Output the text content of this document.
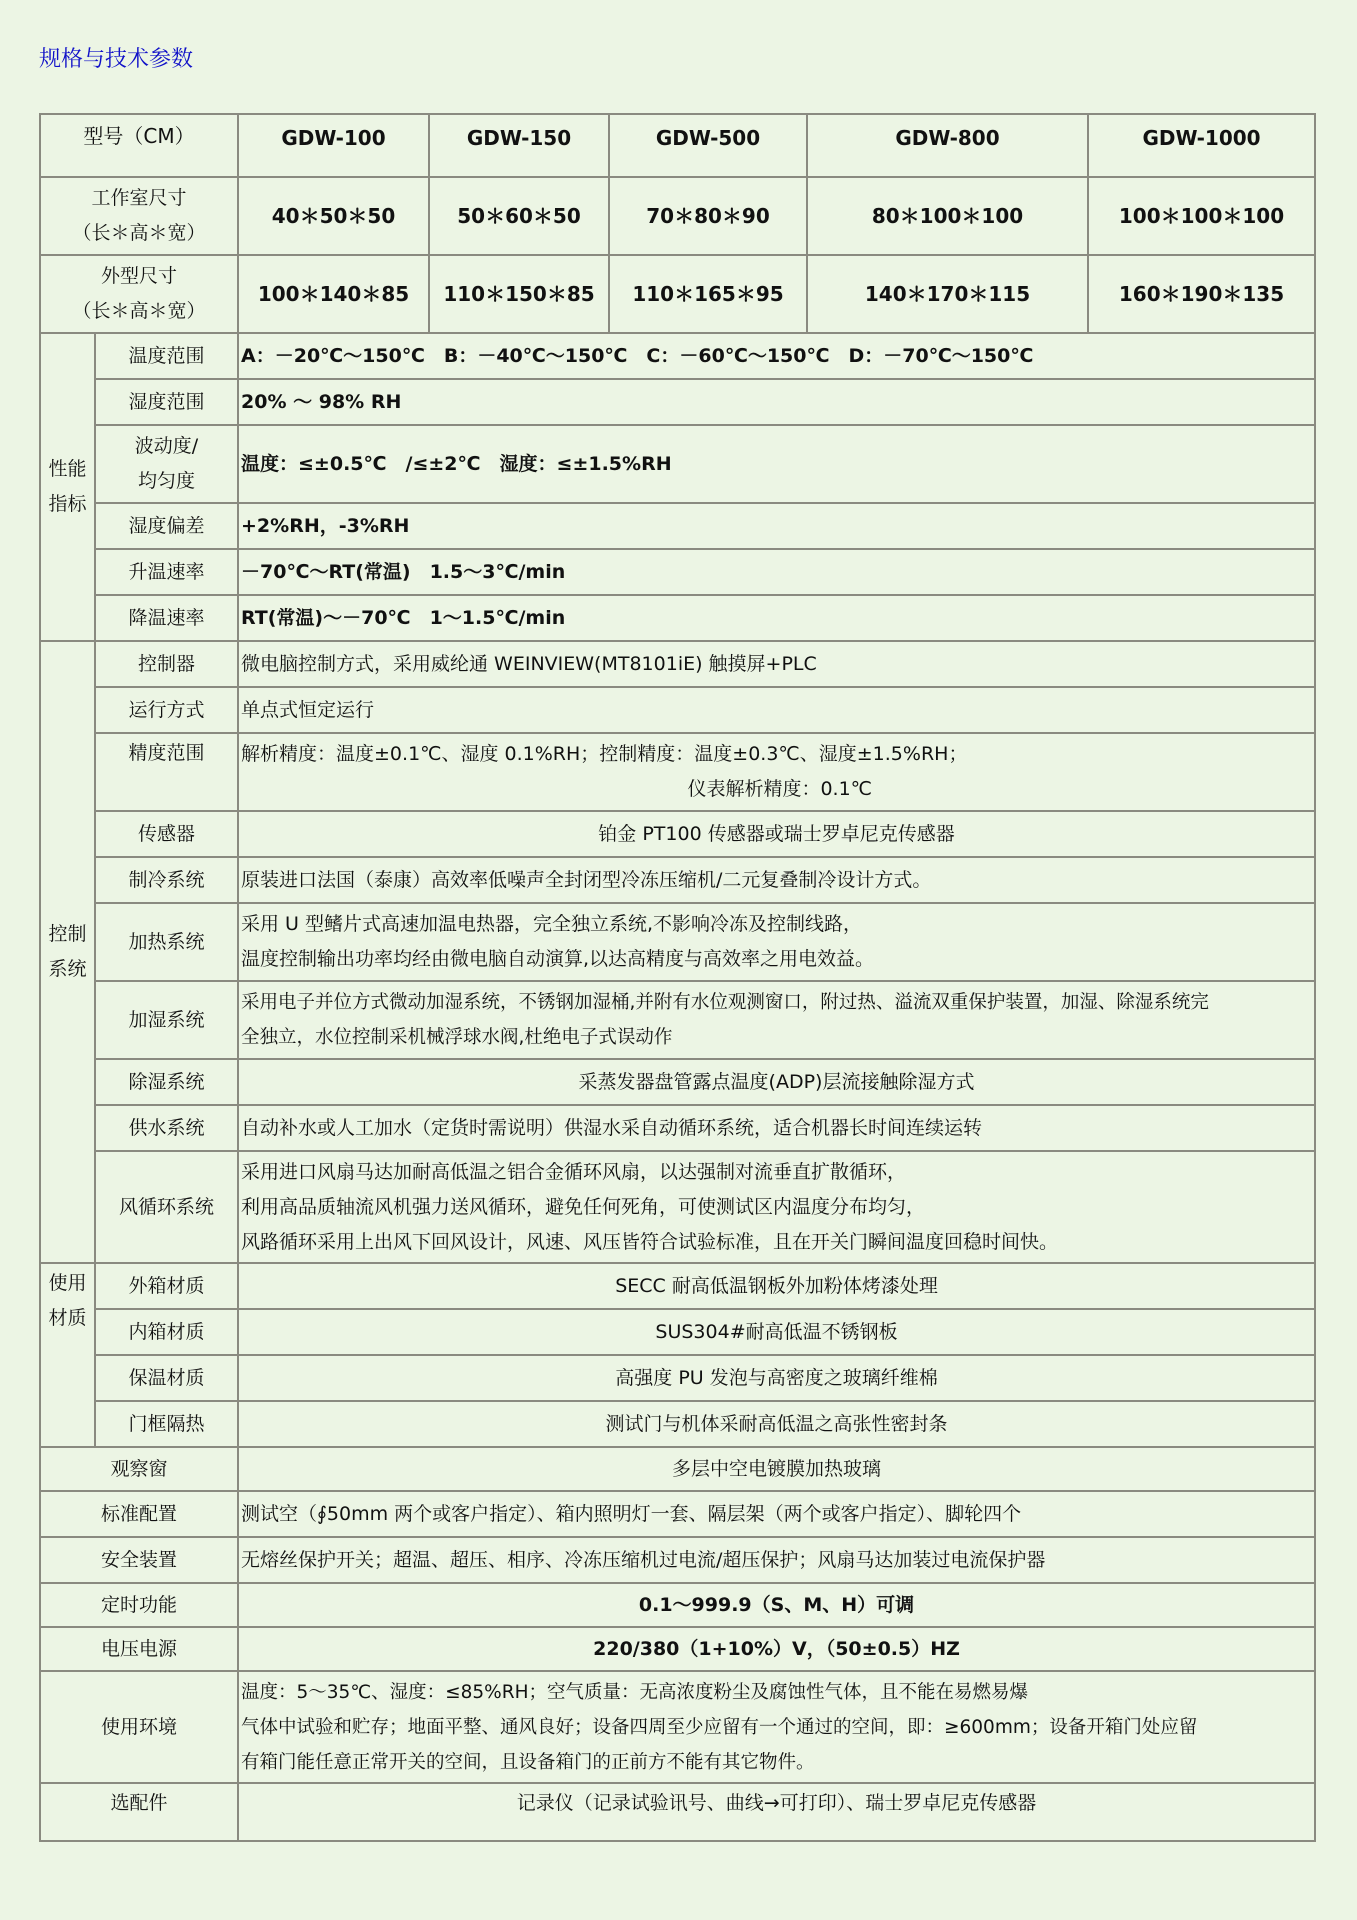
规格与技术参数
型号（CM）		GDW-100	GDW-150	GDW-500	GDW-800	GDW-1000

工作室尺寸
（长＊高＊宽）		40＊50＊50	50＊60＊50	70＊80＊90	80＊100＊100	100＊100＊100

外型尺寸
（长＊高＊宽）		100＊140＊85	110＊150＊85	110＊165＊95	140＊170＊115	160＊190＊135

性能
指标	温度范围	A：－20℃～150℃　B：－40℃～150℃　C：－60℃～150℃　D：－70℃～150℃				
	湿度范围	20% ～ 98% RH				

	波动度/
均匀度	温度：≤±0.5℃　/≤±2℃　湿度：≤±1.5%RH				
	湿度偏差	+2%RH，-3%RH				
	升温速率	－70℃～RT(常温)　1.5～3℃/min				
	降温速率	RT(常温)～－70℃　1～1.5℃/min				

控制
系统	控制器	微电脑控制方式，采用威纶通 WEINVIEW(MT8101iE) 触摸屏+PLC				
	运行方式	单点式恒定运行				
	精度范围	解析精度：温度±0.1℃、湿度 0.1%RH；控制精度：温度±0.3℃、湿度±1.5%RH；
仪表解析精度：0.1℃				

	传感器	铂金 PT100 传感器或瑞士罗卓尼克传感器				
	制冷系统	原装进口法国（泰康）高效率低噪声全封闭型冷冻压缩机/二元复叠制冷设计方式。				
	加热系统	采用 U 型鳍片式高速加温电热器，完全独立系统,不影响冷冻及控制线路，
温度控制输出功率均经由微电脑自动演算,以达高精度与高效率之用电效益。				

	加湿系统	采用电子并位方式微动加湿系统，不锈钢加湿桶,并附有水位观测窗口，附过热、溢流双重保护装置，加湿、除湿系统完
全独立，水位控制采机械浮球水阀,杜绝电子式误动作				

	除湿系统	采蒸发器盘管露点温度(ADP)层流接触除湿方式				
	供水系统	自动补水或人工加水（定货时需说明）供湿水采自动循环系统，适合机器长时间连续运转				
	风循环系统	采用进口风扇马达加耐高低温之铝合金循环风扇，以达强制对流垂直扩散循环，
利用高品质轴流风机强力送风循环，避免任何死角，可使测试区内温度分布均匀，
风路循环采用上出风下回风设计，风速、风压皆符合试验标准，且在开关门瞬间温度回稳时间快。				

使用
材质	外箱材质	SECC 耐高低温钢板外加粉体烤漆处理				
	内箱材质	SUS304#耐高低温不锈钢板				
	保温材质	高强度 PU 发泡与高密度之玻璃纤维棉				
	门框隔热	测试门与机体采耐高低温之高张性密封条				
观察窗		多层中空电镀膜加热玻璃				
标准配置		测试空（∮50mm 两个或客户指定）、箱内照明灯一套、隔层架（两个或客户指定）、脚轮四个				
安全装置		无熔丝保护开关；超温、超压、相序、冷冻压缩机过电流/超压保护；风扇马达加装过电流保护器				
定时功能		0.1～999.9（S、M、H）可调				
电压电源		220/380（1+10%）V，（50±0.5）HZ				
使用环境		温度：5～35℃、湿度：≤85%RH；空气质量：无高浓度粉尘及腐蚀性气体，且不能在易燃易爆
气体中试验和贮存；地面平整、通风良好；设备四周至少应留有一个通过的空间，即：≥600mm；设备开箱门处应留
有箱门能任意正常开关的空间，且设备箱门的正前方不能有其它物件。				

选配件		记录仪（记录试验讯号、曲线→可打印）、瑞士罗卓尼克传感器				
